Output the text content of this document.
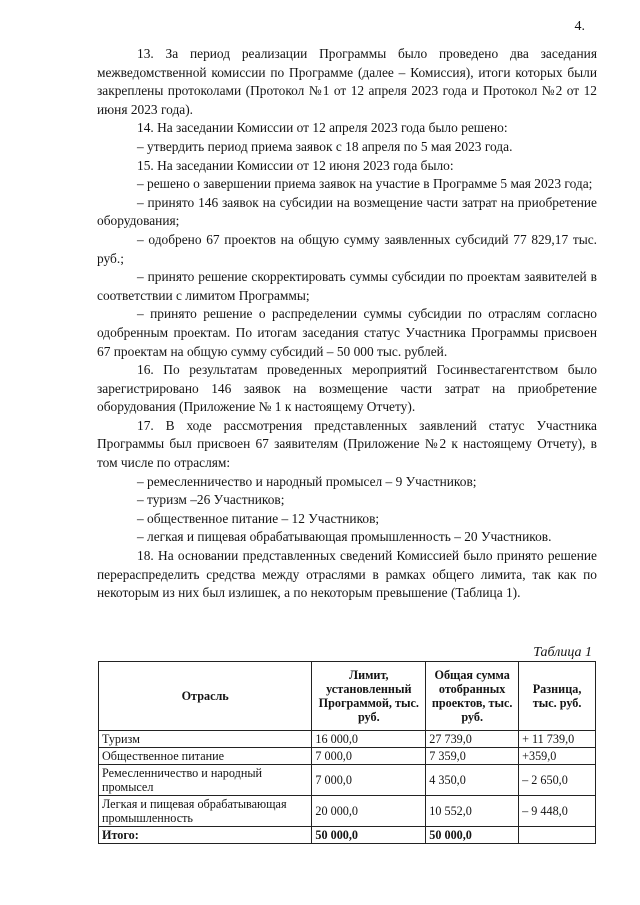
4.

13. За период реализации Программы было проведено два заседания межведомственной комиссии по Программе (далее – Комиссия), итоги которых были закреплены протоколами (Протокол №1 от 12 апреля 2023 года и Протокол №2 от 12 июня 2023 года).

14. На заседании Комиссии от 12 апреля 2023 года было решено:

– утвердить период приема заявок с 18 апреля по 5 мая 2023 года.

15. На заседании Комиссии от 12 июня 2023 года было:

– решено о завершении приема заявок на участие в Программе 5 мая 2023 года;

– принято 146 заявок на субсидии на возмещение части затрат на приобретение оборудования;

– одобрено 67 проектов на общую сумму заявленных субсидий 77 829,17 тыс. руб.;

– принято решение скорректировать суммы субсидии по проектам заявителей в соответствии с лимитом Программы;

– принято решение о распределении суммы субсидии по отраслям согласно одобренным проектам. По итогам заседания статус Участника Программы присвоен 67 проектам на общую сумму субсидий – 50 000 тыс. рублей.

16. По результатам проведенных мероприятий Госинвестагентством было зарегистрировано 146 заявок на возмещение части затрат на приобретение оборудования (Приложение № 1 к настоящему Отчету).

17. В ходе рассмотрения представленных заявлений статус Участника Программы был присвоен 67 заявителям (Приложение №2 к настоящему Отчету), в том числе по отраслям:

– ремесленничество и народный промысел – 9 Участников;

– туризм –26 Участников;

– общественное питание – 12 Участников;

– легкая и пищевая обрабатывающая промышленность – 20 Участников.

18. На основании представленных сведений Комиссией было принято решение перераспределить средства между отраслями в рамках общего лимита, так как по некоторым из них был излишек, а по некоторым превышение (Таблица 1).

Таблица 1
Отрасль	Лимит, установленный Программой, тыс. руб.	Общая сумма отобранных проектов, тыс. руб.	Разница, тыс. руб.
Туризм	16 000,0	27 739,0	+ 11 739,0
Общественное питание	7 000,0	7 359,0	+359,0
Ремесленничество и народный промысел	7 000,0	4 350,0	– 2 650,0
Легкая и пищевая обрабатывающая промышленность	20 000,0	10 552,0	– 9 448,0
Итого:	50 000,0	50 000,0	
